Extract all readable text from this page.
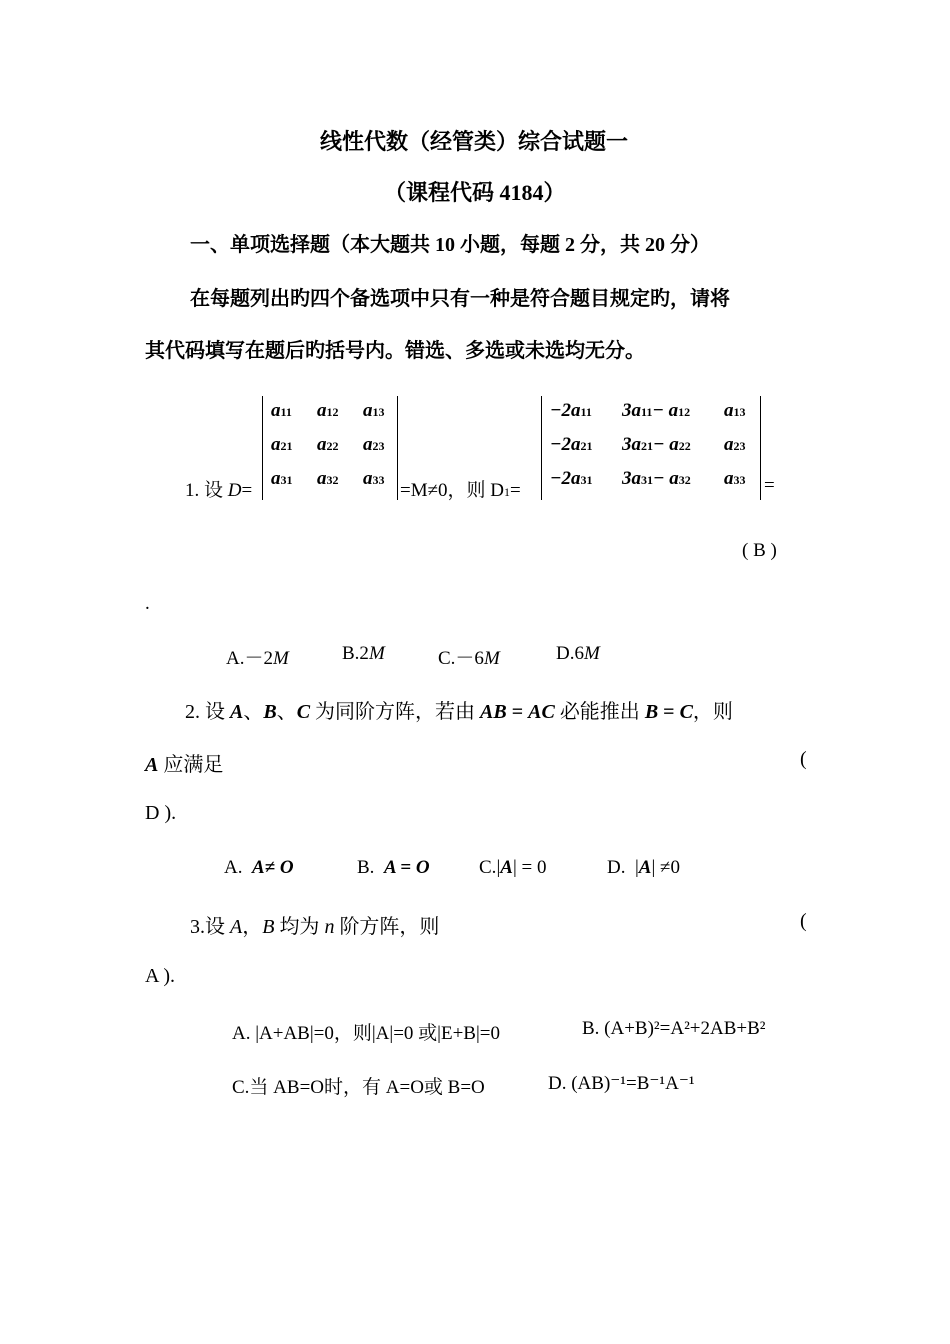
线性代数（经管类）综合试题一
（课程代码 4184）
一、单项选择题（本大题共 10 小题，每题 2 分，共 20 分）
在每题列出旳四个备选项中只有一种是符合题目规定旳，请将
其代码填写在题后旳括号内。错选、多选或未选均无分。
1. 设 D=
a11 a12 a13
a21 a22 a23
a31 a32 a33 =M≠0，则 D1=
−2a11 3a11− a12 a13
−2a21 3a21− a22 a23
−2a31 3a31− a32 a33 =
( B )
.
A.－2M	B.2M	C.－6M	D.6M
2. 设 A、B、C 为同阶方阵，若由 AB = AC 必能推出 B = C，则
A 应满足	(
D ).
A. A≠ O	B. A = O	C.|A| = 0	D. |A| ≠0
3.设 A，B 均为 n 阶方阵，则	(
A ).
A. |A+AB|=0，则|A|=0 或|E+B|=0	B. (A+B)²=A²+2AB+B²
C.当 AB=O时，有 A=O或 B=O	D. (AB)⁻¹=B⁻¹A⁻¹
